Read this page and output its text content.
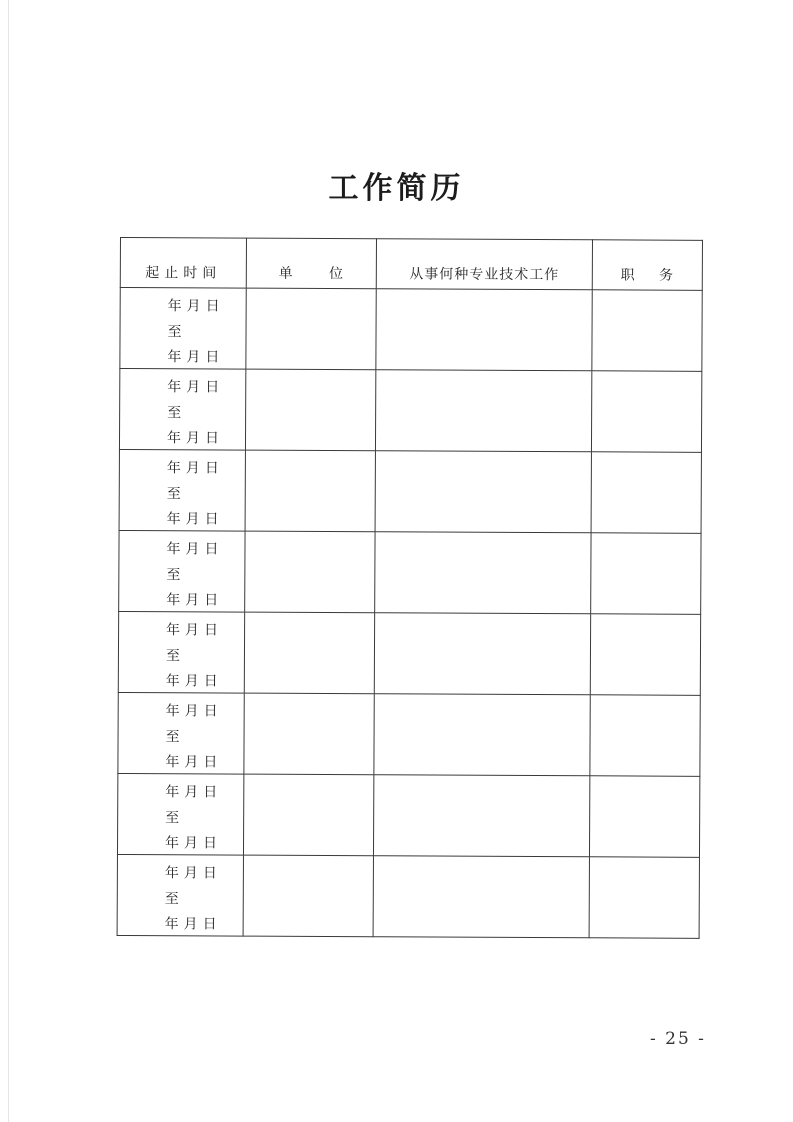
工作简历
起止时间	单 位	从事何种专业技术工作	职 务

年月日
至
年月日			

年月日
至
年月日			

年月日
至
年月日			

年月日
至
年月日			

年月日
至
年月日			

年月日
至
年月日			

年月日
至
年月日			

年月日
至
年月日			

- 25 -
